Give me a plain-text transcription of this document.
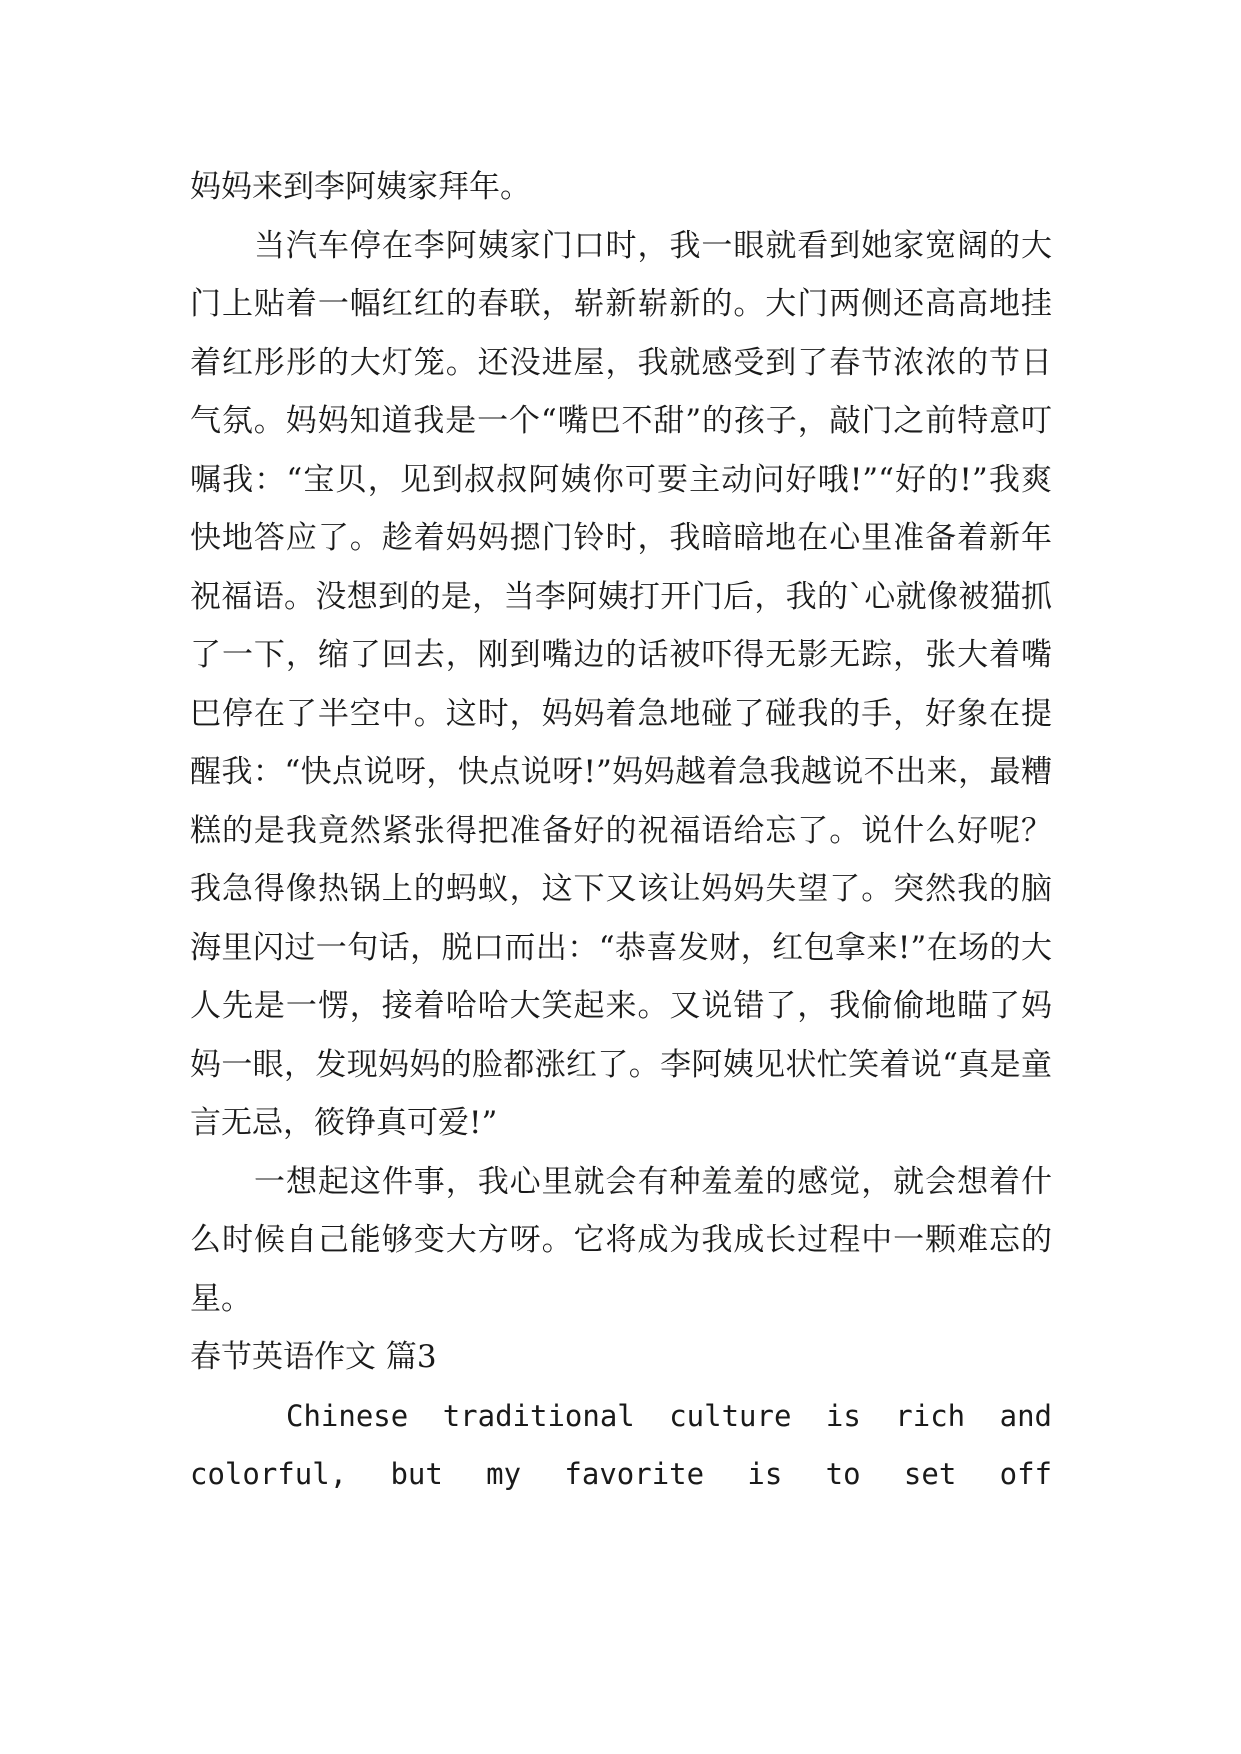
妈妈来到李阿姨家拜年。

当汽车停在李阿姨家门口时，我一眼就看到她家宽阔的大门上贴着一幅红红的春联，崭新崭新的。大门两侧还高高地挂着红彤彤的大灯笼。还没进屋，我就感受到了春节浓浓的节日气氛。妈妈知道我是一个“嘴巴不甜”的孩子，敲门之前特意叮嘱我：“宝贝，见到叔叔阿姨你可要主动问好哦!”“好的!”我爽快地答应了。趁着妈妈摁门铃时，我暗暗地在心里准备着新年祝福语。没想到的是，当李阿姨打开门后，我的`心就像被猫抓了一下，缩了回去，刚到嘴边的话被吓得无影无踪，张大着嘴巴停在了半空中。这时，妈妈着急地碰了碰我的手，好象在提醒我：“快点说呀，快点说呀!”妈妈越着急我越说不出来，最糟糕的是我竟然紧张得把准备好的祝福语给忘了。说什么好呢？我急得像热锅上的蚂蚁，这下又该让妈妈失望了。突然我的脑海里闪过一句话，脱口而出：“恭喜发财，红包拿来!”在场的大人先是一愣，接着哈哈大笑起来。又说错了，我偷偷地瞄了妈妈一眼，发现妈妈的脸都涨红了。李阿姨见状忙笑着说“真是童言无忌，筱铮真可爱!”

一想起这件事，我心里就会有种羞羞的感觉，就会想着什么时候自己能够变大方呀。它将成为我成长过程中一颗难忘的星。

春节英语作文 篇3

Chinese traditional culture is rich and

colorful, but my favorite is to set off
